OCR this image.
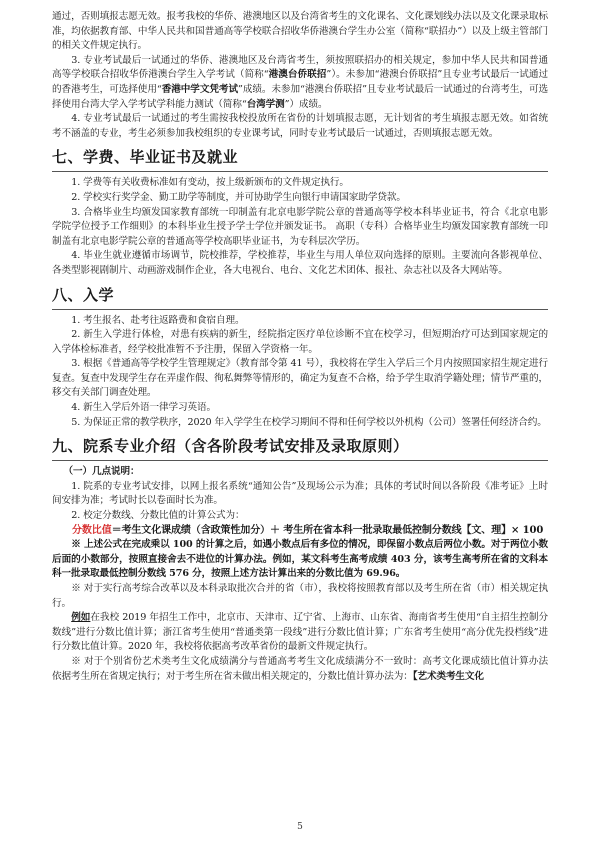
通过，否则填报志愿无效。报考我校的华侨、港澳地区以及台湾省考生的文化课名、文化课划线办法以及文化课录取标准，均依据教育部、中华人民共和国普通高等学校联合招收华侨港澳台学生办公室（简称“联招办”）以及上级主管部门的相关文件规定执行。

3. 专业考试最后一试通过的华侨、港澳地区及台湾省考生，须按照联招办的相关规定，参加中华人民共和国普通高等学校联合招收华侨港澳台学生入学考试（简称“港澳台侨联招”）。未参加“港澳台侨联招”且专业考试最后一试通过的香港考生，可选择使用“香港中学文凭考试”成绩。未参加“港澳台侨联招”且专业考试最后一试通过的台湾考生，可选择使用台湾大学入学考试学科能力测试（简称“台湾学测”）成绩。

4. 专业考试最后一试通过的考生需按我校投放所在省份的计划填报志愿，无计划省的考生填报志愿无效。如省统考不涵盖的专业，考生必须参加我校组织的专业课考试，同时专业考试最后一试通过，否则填报志愿无效。

七、学费、毕业证书及就业

1. 学费等有关收费标准如有变动，按上级新颁布的文件规定执行。

2. 学校实行奖学金、勤工助学等制度，并可协助学生向银行申请国家助学贷款。

3. 合格毕业生均颁发国家教育部统一印制盖有北京电影学院公章的普通高等学校本科毕业证书，符合《北京电影学院学位授予工作细则》的本科毕业生授予学士学位并颁发证书。 高职（专科）合格毕业生均颁发国家教育部统一印制盖有北京电影学院公章的普通高等学校高职毕业证书，为专科层次学历。

4. 毕业生就业遵循市场调节，院校推荐，学校推荐，毕业生与用人单位双向选择的原则。主要流向各影视单位、各类型影视剧制片、动画游戏制作企业，各大电视台、电台、文化艺术团体、报社、杂志社以及各大网站等。

八、入学

1. 考生报名、赴考往返路费和食宿自理。

2. 新生入学进行体检，对患有疾病的新生，经院指定医疗单位诊断不宜在校学习，但短期治疗可达到国家规定的入学体检标准者，经学校批准暂不予注册，保留入学资格一年。

3. 根据《普通高等学校学生管理规定》（教育部令第 41 号），我校将在学生入学后三个月内按照国家招生规定进行复查。复查中发现学生存在弄虚作假、徇私舞弊等情形的，确定为复查不合格，给予学生取消学籍处理；情节严重的，移交有关部门调查处理。

4. 新生入学后外语一律学习英语。

5. 为保证正常的教学秩序，2020 年入学学生在校学习期间不得和任何学校以外机构（公司）签署任何经济合约。

九、院系专业介绍（含各阶段考试安排及录取原则）

（一）几点说明：

1. 院系的专业考试安排，以网上报名系统“通知公告”及现场公示为准；具体的考试时间以各阶段《准考证》上时间安排为准；考试时长以卷面时长为准。

2. 校定分数线、分数比值的计算公式为：

分数比值＝考生文化课成绩（含政策性加分）＋ 考生所在省本科一批录取最低控制分数线【文、理】× 100

※ 上述公式在完成乘以 100 的计算之后，如遇小数点后有多位的情况，即保留小数点后两位小数。对于两位小数后面的小数部分，按照直接舍去不进位的计算办法。例如，某文科考生高考成绩 403 分，该考生高考所在省的文科本科一批录取最低控制分数线 576 分，按照上述方法计算出来的分数比值为 69.96。

※ 对于实行高考综合改革以及本科录取批次合并的省（市），我校将按照教育部以及考生所在省（市）相关规定执行。

例如在我校 2019 年招生工作中，北京市、天津市、辽宁省、上海市、山东省、海南省考生使用“自主招生控制分数线”进行分数比值计算；浙江省考生使用“普通类第一段线”进行分数比值计算；广东省考生使用“高分优先投档线”进行分数比值计算。2020 年，我校将依据高考改革省份的最新文件规定执行。

※ 对于个别省份艺术类考生文化成绩满分与普通高考考生文化成绩满分不一致时：高考文化课成绩比值计算办法依据考生所在省规定执行；对于考生所在省未做出相关规定的，分数比值计算办法为：【艺术类考生文化

5
